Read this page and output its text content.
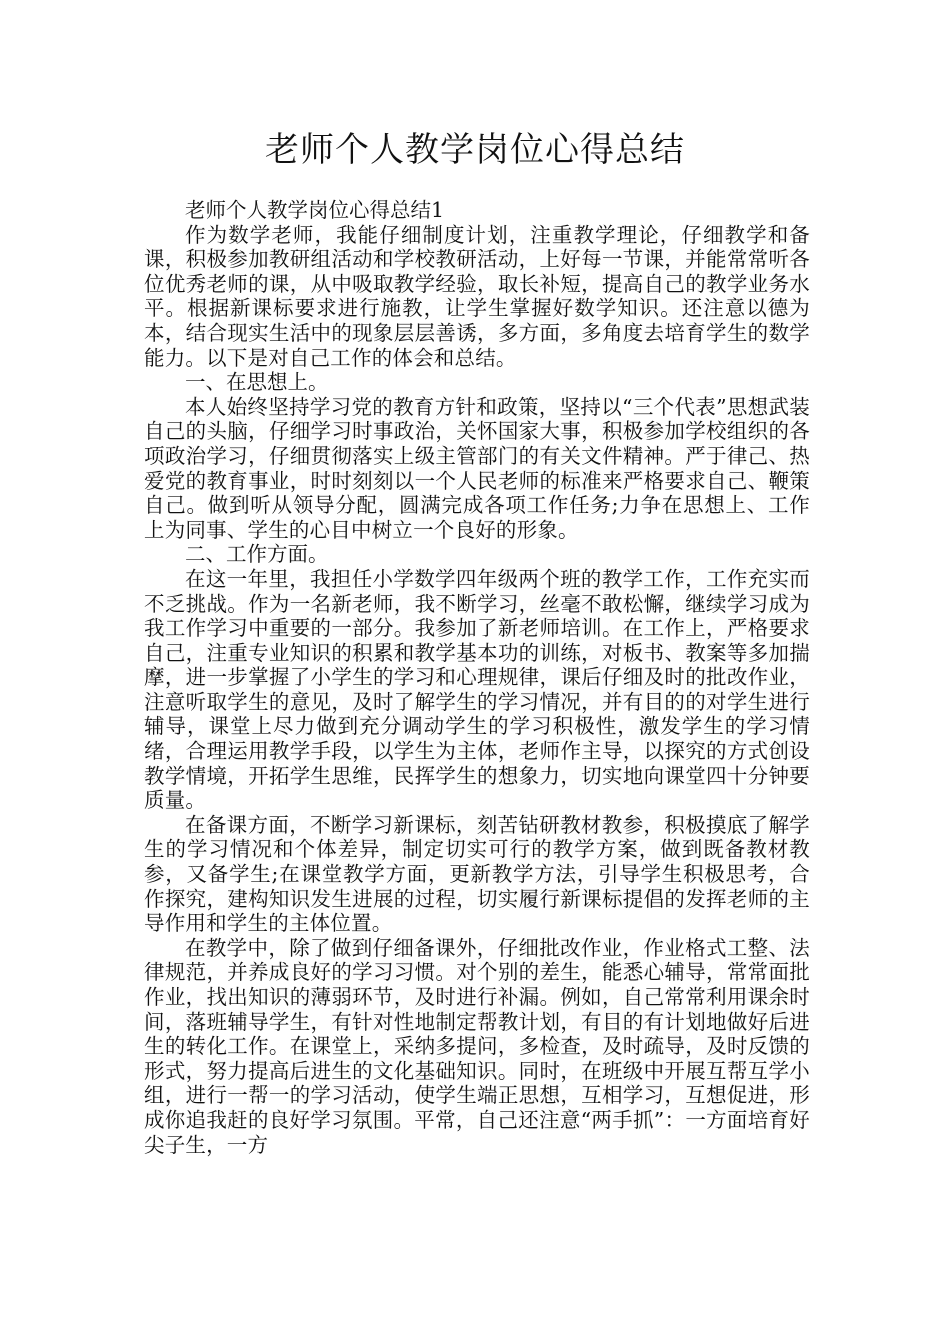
老师个人教学岗位心得总结

老师个人教学岗位心得总结1

作为数学老师，我能仔细制度计划，注重教学理论，仔细教学和备课，积极参加教研组活动和学校教研活动，上好每一节课，并能常常听各位优秀老师的课，从中吸取教学经验，取长补短，提高自己的教学业务水平。根据新课标要求进行施教，让学生掌握好数学知识。还注意以德为本，结合现实生活中的现象层层善诱，多方面，多角度去培育学生的数学能力。以下是对自己工作的体会和总结。

一、在思想上。

本人始终坚持学习党的教育方针和政策，坚持以“三个代表”思想武装自己的头脑，仔细学习时事政治，关怀国家大事，积极参加学校组织的各项政治学习，仔细贯彻落实上级主管部门的有关文件精神。严于律己、热爱党的教育事业，时时刻刻以一个人民老师的标准来严格要求自己、鞭策自己。做到听从领导分配，圆满完成各项工作任务;力争在思想上、工作上为同事、学生的心目中树立一个良好的形象。

二、工作方面。

在这一年里，我担任小学数学四年级两个班的教学工作，工作充实而不乏挑战。作为一名新老师，我不断学习，丝毫不敢松懈，继续学习成为我工作学习中重要的一部分。我参加了新老师培训。在工作上，严格要求自己，注重专业知识的积累和教学基本功的训练，对板书、教案等多加揣摩，进一步掌握了小学生的学习和心理规律，课后仔细及时的批改作业，注意听取学生的意见，及时了解学生的学习情况，并有目的的对学生进行辅导，课堂上尽力做到充分调动学生的学习积极性，激发学生的学习情绪，合理运用教学手段，以学生为主体，老师作主导，以探究的方式创设教学情境，开拓学生思维，民挥学生的想象力，切实地向课堂四十分钟要质量。

在备课方面，不断学习新课标，刻苦钻研教材教参，积极摸底了解学生的学习情况和个体差异，制定切实可行的教学方案，做到既备教材教参，又备学生;在课堂教学方面，更新教学方法，引导学生积极思考，合作探究，建构知识发生进展的过程，切实履行新课标提倡的发挥老师的主导作用和学生的主体位置。

在教学中，除了做到仔细备课外，仔细批改作业，作业格式工整、法律规范，并养成良好的学习习惯。对个别的差生，能悉心辅导，常常面批作业，找出知识的薄弱环节，及时进行补漏。例如，自己常常利用课余时间，落班辅导学生，有针对性地制定帮教计划，有目的有计划地做好后进生的转化工作。在课堂上，采纳多提问，多检查，及时疏导，及时反馈的形式，努力提高后进生的文化基础知识。同时，在班级中开展互帮互学小组，进行一帮一的学习活动，使学生端正思想，互相学习，互想促进，形成你追我赶的良好学习氛围。平常，自己还注意“两手抓”：一方面培育好尖子生，一方
